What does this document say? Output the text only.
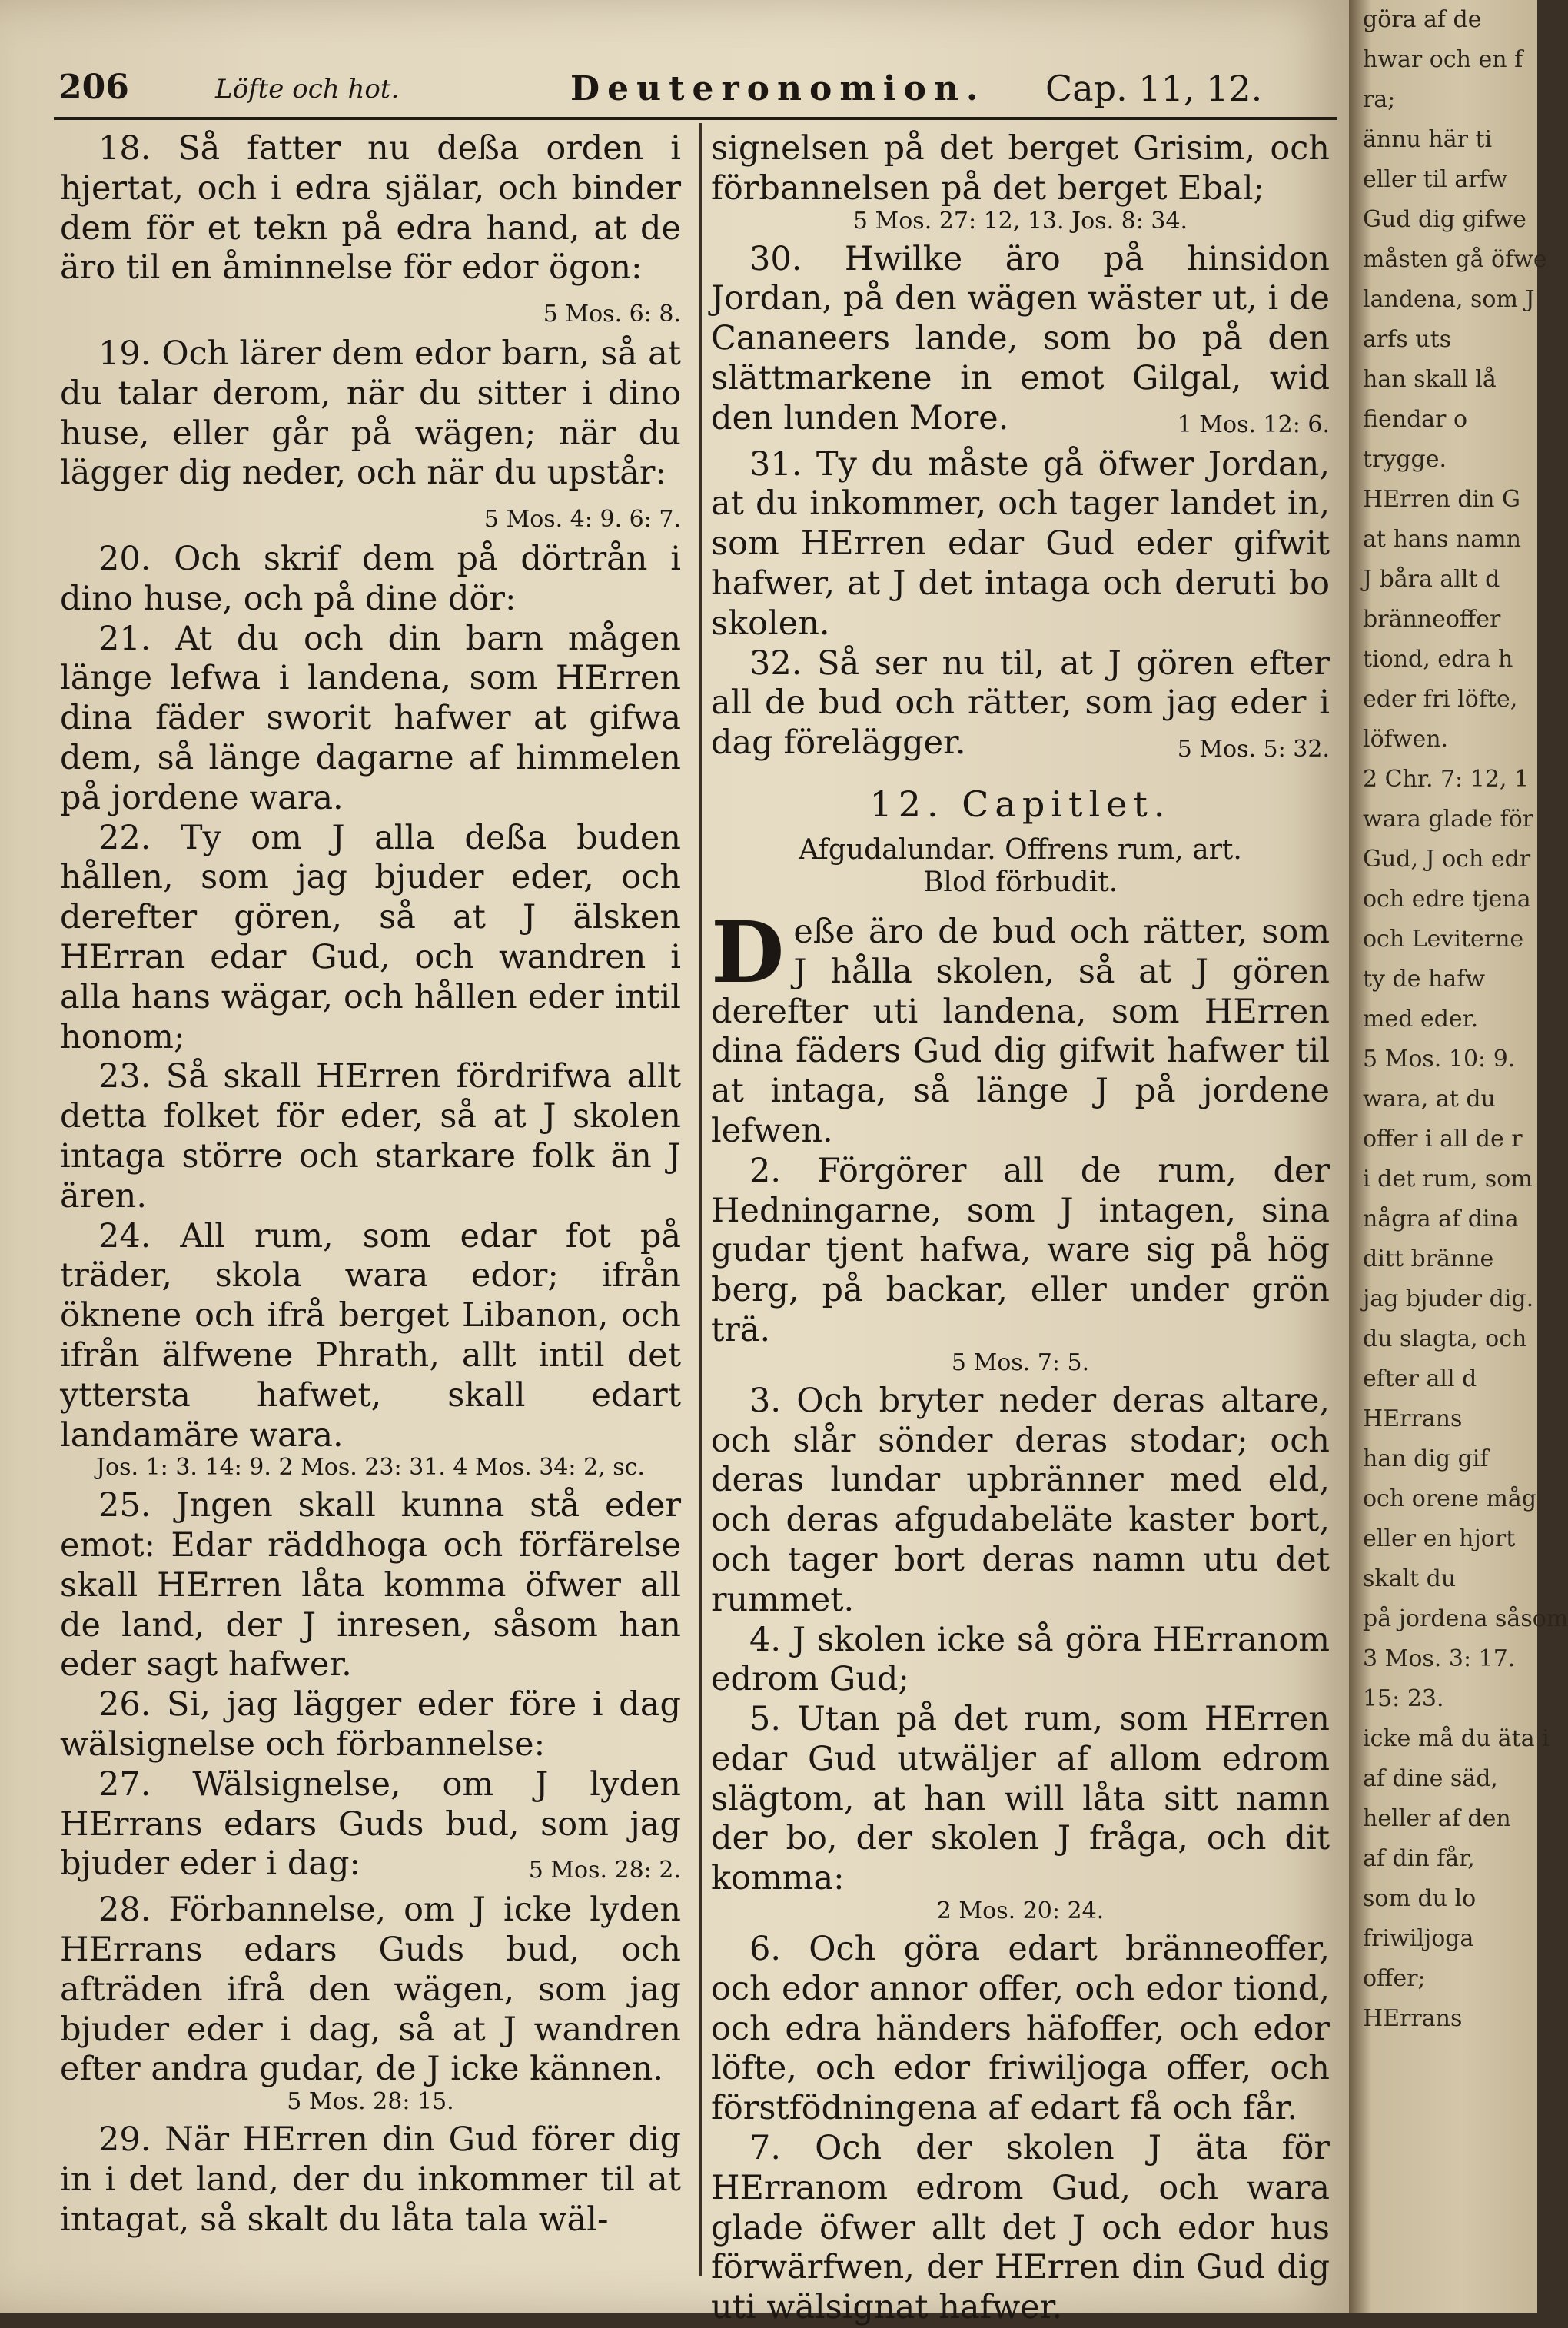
206	Löfte och hot.	Deuteronomion. Cap. 11, 12.

18. Så fatter nu deßa orden i hjertat, och i edra själar, och binder dem för et tekn på edra hand, at de äro til en åminnelse för edor ögon:
5 Mos. 6: 8.

19. Och lärer dem edor barn, så at du talar derom, när du sitter i dino huse, eller går på wägen; när du lägger dig neder, och när du upstår:
5 Mos. 4: 9. 6: 7.

20. Och skrif dem på dörtrån i dino huse, och på dine dör:

21. At du och din barn mågen länge lefwa i landena, som HErren dina fäder sworit hafwer at gifwa dem, så länge dagarne af himmelen på jordene wara.

22. Ty om J alla deßa buden hållen, som jag bjuder eder, och derefter gören, så at J älsken HErran edar Gud, och wandren i alla hans wägar, och hållen eder intil honom;

23. Så skall HErren fördrifwa allt detta folket för eder, så at J skolen intaga större och starkare folk än J ären.

24. All rum, som edar fot på träder, skola wara edor; ifrån öknene och ifrå berget Libanon, och ifrån älfwene Phrath, allt intil det yttersta hafwet, skall edart landamäre wara.

Jos. 1: 3. 14: 9. 2 Mos. 23: 31. 4 Mos. 34: 2, sc.

25. Jngen skall kunna stå eder emot: Edar räddhoga och förfärelse skall HErren låta komma öfwer all de land, der J inresen, såsom han eder sagt hafwer.

26. Si, jag lägger eder före i dag wälsignelse och förbannelse:

27. Wälsignelse, om J lyden HErrans edars Guds bud, som jag bjuder eder i dag:	5 Mos. 28: 2.

28. Förbannelse, om J icke lyden HErrans edars Guds bud, och afträden ifrå den wägen, som jag bjuder eder i dag, så at J wandren efter andra gudar, de J icke kännen.

5 Mos. 28: 15.

29. När HErren din Gud förer dig in i det land, der du inkommer til at intagat, så skalt du låta tala wäl-

signelsen på det berget Grisim, och förbannelsen på det berget Ebal;

5 Mos. 27: 12, 13. Jos. 8: 34.

30. Hwilke äro på hinsidon Jordan, på den wägen wäster ut, i de Cananeers lande, som bo på den slättmarkene in emot Gilgal, wid den lunden More.	1 Mos. 12: 6.

31. Ty du måste gå öfwer Jordan, at du inkommer, och tager landet in, som HErren edar Gud eder gifwit hafwer, at J det intaga och deruti bo skolen.

32. Så ser nu til, at J gören efter all de bud och rätter, som jag eder i dag förelägger.	5 Mos. 5: 32.

12. Capitlet.
Afgudalundar. Offrens rum, art.
Blod förbudit.

Deße äro de bud och rätter, som J hålla skolen, så at J gören derefter uti landena, som HErren dina fäders Gud dig gifwit hafwer til at intaga, så länge J på jordene lefwen.

2. Förgörer all de rum, der Hedningarne, som J intagen, sina gudar tjent hafwa, ware sig på hög berg, på backar, eller under grön trä.

5 Mos. 7: 5.

3. Och bryter neder deras altare, och slår sönder deras stodar; och deras lundar upbränner med eld, och deras afgudabeläte kaster bort, och tager bort deras namn utu det rummet.

4. J skolen icke så göra HErranom edrom Gud;

5. Utan på det rum, som HErren edar Gud utwäljer af allom edrom slägtom, at han will låta sitt namn der bo, der skolen J fråga, och dit komma:

2 Mos. 20: 24.

6. Och göra edart bränneoffer, och edor annor offer, och edor tiond, och edra händers häfoffer, och edor löfte, och edor friwiljoga offer, och förstfödningena af edart få och får.

7. Och der skolen J äta för HErranom edrom Gud, och wara glade öfwer allt det J och edor hus förwärfwen, der HErren din Gud dig uti wälsignat hafwer.

göra af de
hwar och en f
ra;
ännu här ti
eller til arfw
Gud dig gifwe
måsten gå öfwe
landena, som J
arfs uts
han skall lå
fiendar o
trygge.
HErren din G
at hans namn
J båra allt d
bränneoffer
tiond, edra h
eder fri löfte,
löfwen.
2 Chr. 7: 12, 1
wara glade för
Gud, J och edr
och edre tjena
och Leviterne
ty de hafw
med eder.
5 Mos. 10: 9.
wara, at du
offer i all de r
i det rum, som
några af dina
ditt bränne
jag bjuder dig.
du slagta, och
efter all d
HErrans
han dig gif
och orene måg
eller en hjort
skalt du
på jordena såsom
3 Mos. 3: 17.
15: 23.
icke må du äta i
af dine säd,
heller af den
af din får,
som du lo
friwiljoga
offer;
HErrans
